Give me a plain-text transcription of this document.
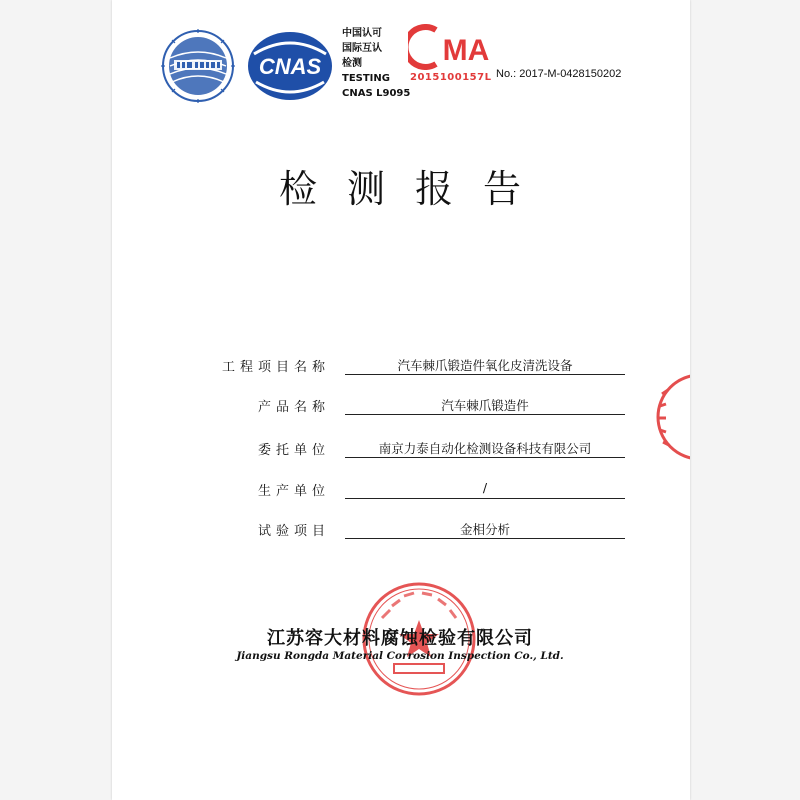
CNAS
中国认可
国际互认
检测
TESTING
CNAS L9095
MA
2015100157L No.: 2017-M-0428150202
检测报告
工程项目名称	汽车棘爪锻造件氧化皮清洗设备
产品名称	汽车棘爪锻造件
委托单位	南京力泰自动化检测设备科技有限公司
生产单位	/
试验项目	金相分析
江苏容大材料腐蚀检验有限公司
Jiangsu Rongda Material Corrosion Inspection Co., Ltd.
